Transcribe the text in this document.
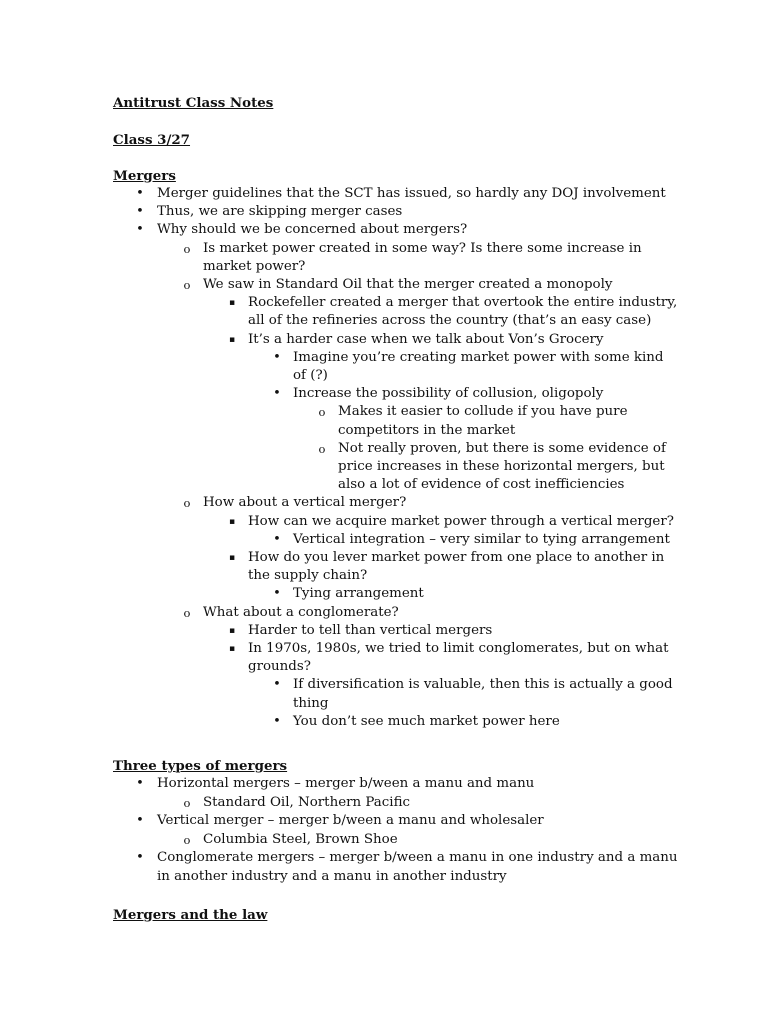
Antitrust Class Notes
Class 3/27
Mergers
• Merger guidelines that the SCT has issued, so hardly any DOJ involvement
• Thus, we are skipping merger cases
• Why should we be concerned about mergers?
o Is market power created in some way? Is there some increase in
market power?
o We saw in Standard Oil that the merger created a monopoly
▪ Rockefeller created a merger that overtook the entire industry,
all of the refineries across the country (that’s an easy case)
▪ It’s a harder case when we talk about Von’s Grocery
• Imagine you’re creating market power with some kind
of (?)
• Increase the possibility of collusion, oligopoly
o Makes it easier to collude if you have pure
competitors in the market
o Not really proven, but there is some evidence of
price increases in these horizontal mergers, but
also a lot of evidence of cost inefficiencies
o How about a vertical merger?
▪ How can we acquire market power through a vertical merger?
• Vertical integration – very similar to tying arrangement
▪ How do you lever market power from one place to another in
the supply chain?
• Tying arrangement
o What about a conglomerate?
▪ Harder to tell than vertical mergers
▪ In 1970s, 1980s, we tried to limit conglomerates, but on what
grounds?
• If diversification is valuable, then this is actually a good
thing
• You don’t see much market power here
Three types of mergers
• Horizontal mergers – merger b/ween a manu and manu
o Standard Oil, Northern Pacific
• Vertical merger – merger b/ween a manu and wholesaler
o Columbia Steel, Brown Shoe
• Conglomerate mergers – merger b/ween a manu in one industry and a manu
in another industry and a manu in another industry
Mergers and the law
